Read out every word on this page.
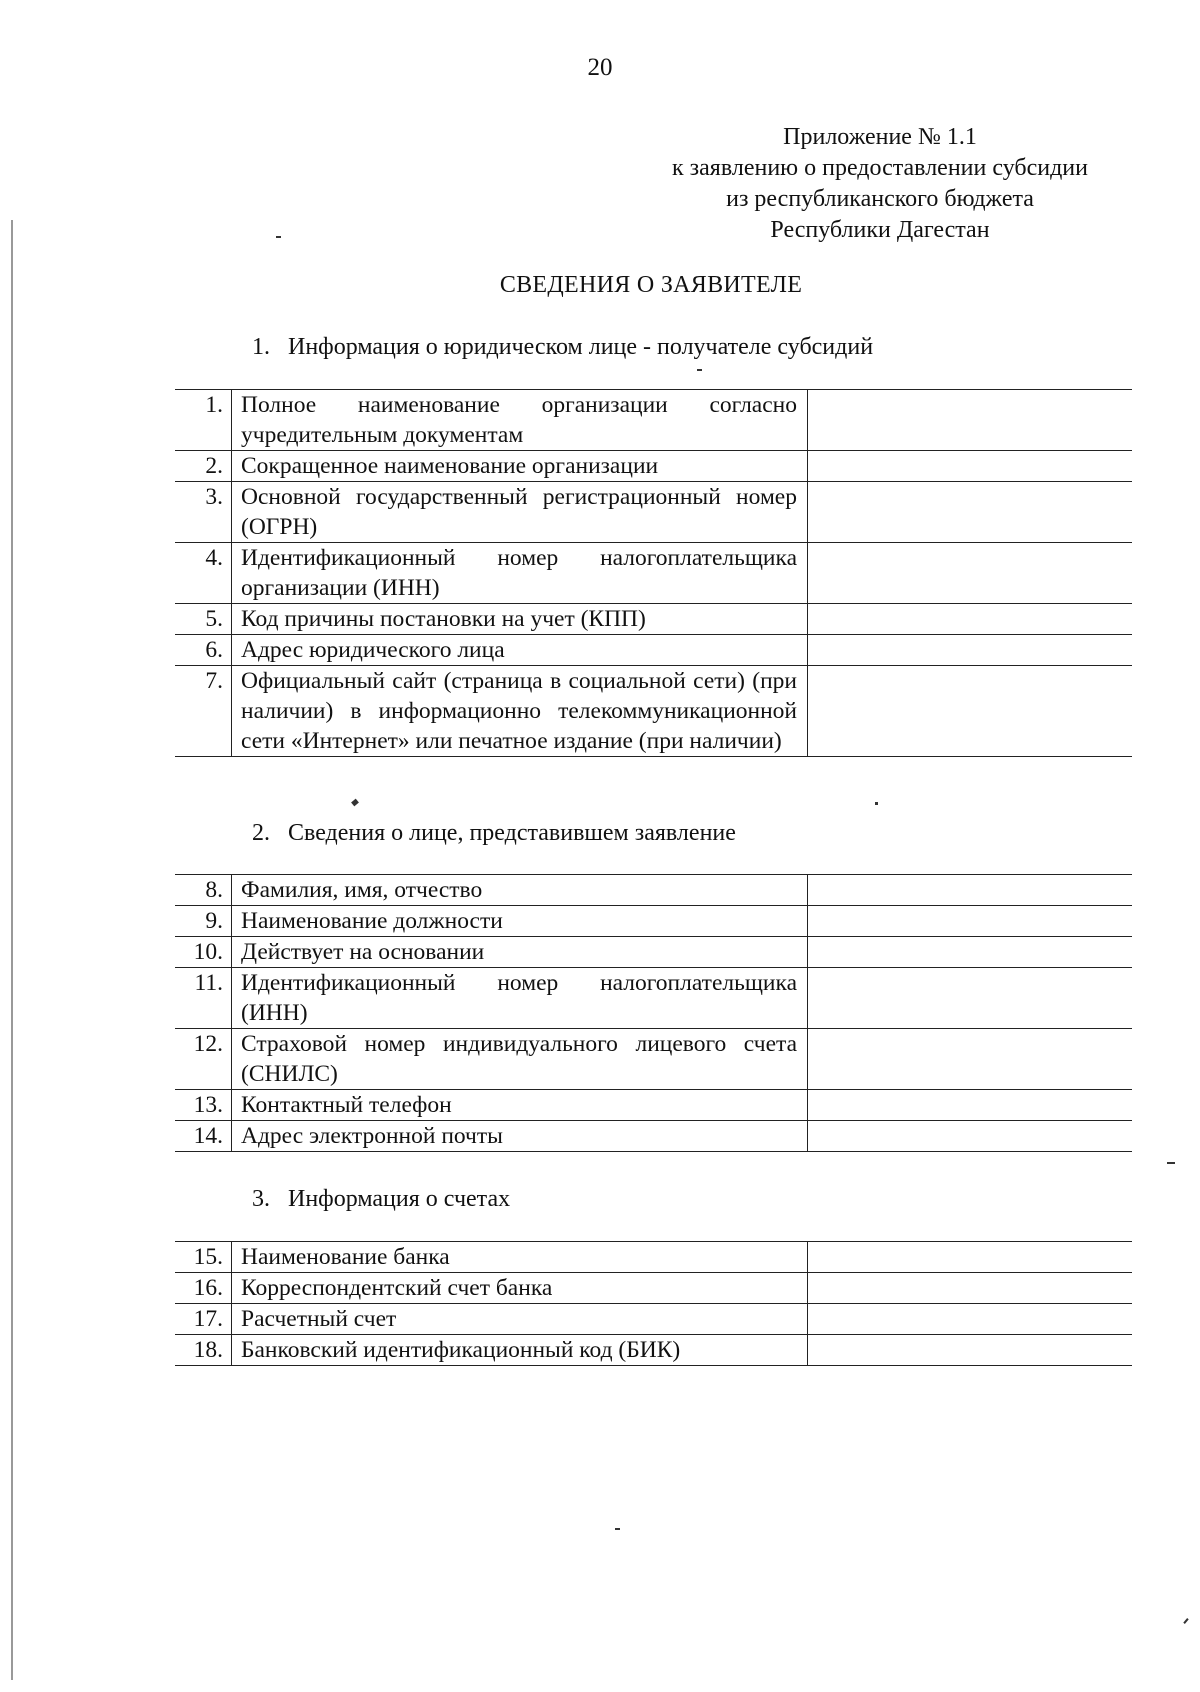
20
Приложение № 1.1
к заявлению о предоставлении субсидии
из республиканского бюджета
Республики Дагестан
СВЕДЕНИЯ О ЗАЯВИТЕЛЕ
1. Информация о юридическом лице - получателе субсидий
1.	Полное наименование организации согласно учредительным документам	
2.	Сокращенное наименование организации	
3.	Основной государственный регистрационный номер (ОГРН)	
4.	Идентификационный номер налогоплательщика организации (ИНН)	
5.	Код причины постановки на учет (КПП)	
6.	Адрес юридического лица	
7.	Официальный сайт (страница в социальной сети) (при наличии) в информационно телекоммуникационной сети «Интернет» или печатное издание (при наличии)	
2. Сведения о лице, представившем заявление
8.	Фамилия, имя, отчество	
9.	Наименование должности	
10.	Действует на основании	
11.	Идентификационный номер налогоплательщика (ИНН)	
12.	Страховой номер индивидуального лицевого счета (СНИЛС)	
13.	Контактный телефон	
14.	Адрес электронной почты	
3. Информация о счетах
15.	Наименование банка	
16.	Корреспондентский счет банка	
17.	Расчетный счет	
18.	Банковский идентификационный код (БИК)	
